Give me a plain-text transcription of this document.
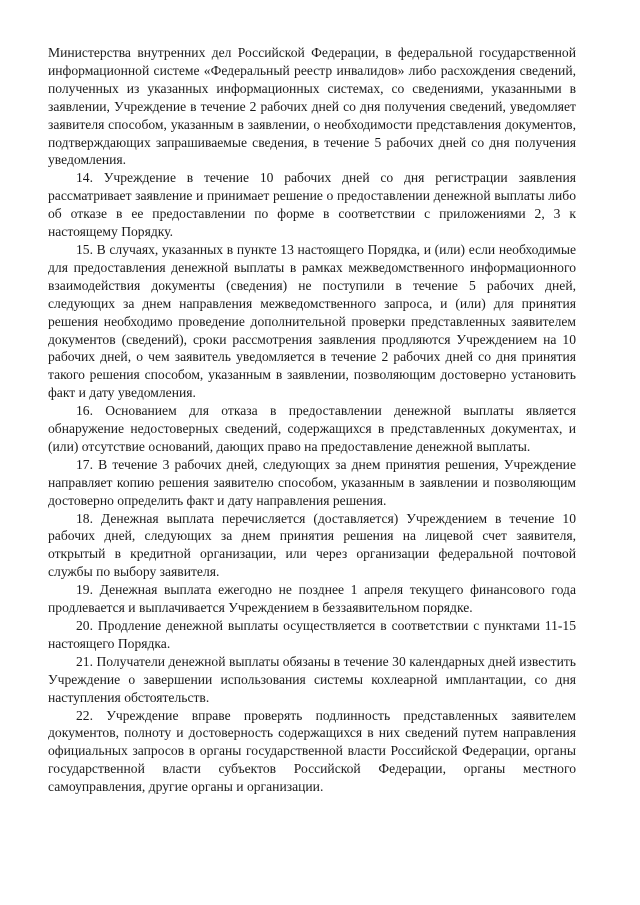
Министерства внутренних дел Российской Федерации, в федеральной государственной информационной системе «Федеральный реестр инвалидов» либо расхождения сведений, полученных из указанных информационных системах, со сведениями, указанными в заявлении, Учреждение в течение 2 рабочих дней со дня получения сведений, уведомляет заявителя способом, указанным в заявлении, о необходимости представления документов, подтверждающих запрашиваемые сведения, в течение 5 рабочих дней со дня получения уведомления.

14. Учреждение в течение 10 рабочих дней со дня регистрации заявления рассматривает заявление и принимает решение о предоставлении денежной выплаты либо об отказе в ее предоставлении по форме в соответствии с приложениями 2, 3 к настоящему Порядку.

15. В случаях, указанных в пункте 13 настоящего Порядка, и (или) если необходимые для предоставления денежной выплаты в рамках межведомственного информационного взаимодействия документы (сведения) не поступили в течение 5 рабочих дней, следующих за днем направления межведомственного запроса, и (или) для принятия решения необходимо проведение дополнительной проверки представленных заявителем документов (сведений), сроки рассмотрения заявления продляются Учреждением на 10 рабочих дней, о чем заявитель уведомляется в течение 2 рабочих дней со дня принятия такого решения способом, указанным в заявлении, позволяющим достоверно установить факт и дату уведомления.

16. Основанием для отказа в предоставлении денежной выплаты является обнаружение недостоверных сведений, содержащихся в представленных документах, и (или) отсутствие оснований, дающих право на предоставление денежной выплаты.

17. В течение 3 рабочих дней, следующих за днем принятия решения, Учреждение направляет копию решения заявителю способом, указанным в заявлении и позволяющим достоверно определить факт и дату направления решения.

18. Денежная выплата перечисляется (доставляется) Учреждением в течение 10 рабочих дней, следующих за днем принятия решения на лицевой счет заявителя, открытый в кредитной организации, или через организации федеральной почтовой службы по выбору заявителя.

19. Денежная выплата ежегодно не позднее 1 апреля текущего финансового года продлевается и выплачивается Учреждением в беззаявительном порядке.

20. Продление денежной выплаты осуществляется в соответствии с пунктами 11-15 настоящего Порядка.

21. Получатели денежной выплаты обязаны в течение 30 календарных дней известить Учреждение о завершении использования системы кохлеарной имплантации, со дня наступления обстоятельств.

22. Учреждение вправе проверять подлинность представленных заявителем документов, полноту и достоверность содержащихся в них сведений путем направления официальных запросов в органы государственной власти Российской Федерации, органы государственной власти субъектов Российской Федерации, органы местного самоуправления, другие органы и организации.
